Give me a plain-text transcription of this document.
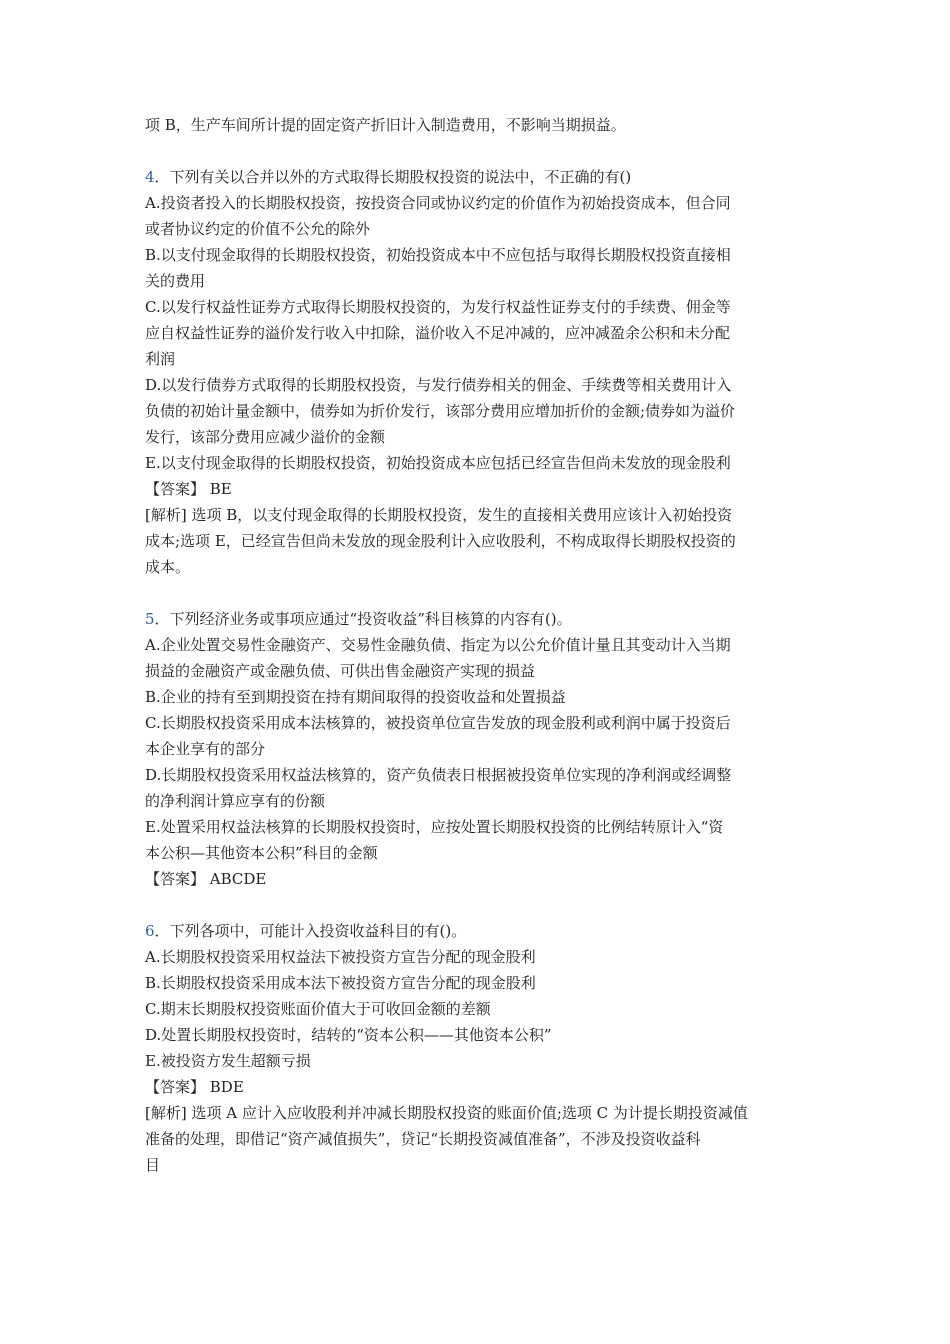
项 B，生产车间所计提的固定资产折旧计入制造费用，不影响当期损益。
4．下列有关以合并以外的方式取得长期股权投资的说法中，不正确的有()
A.投资者投入的长期股权投资，按投资合同或协议约定的价值作为初始投资成本，但合同
或者协议约定的价值不公允的除外
B.以支付现金取得的长期股权投资，初始投资成本中不应包括与取得长期股权投资直接相
关的费用
C.以发行权益性证券方式取得长期股权投资的，为发行权益性证券支付的手续费、佣金等
应自权益性证券的溢价发行收入中扣除，溢价收入不足冲减的，应冲减盈余公积和未分配
利润
D.以发行债券方式取得的长期股权投资，与发行债券相关的佣金、手续费等相关费用计入
负债的初始计量金额中，债券如为折价发行，该部分费用应增加折价的金额;债券如为溢价
发行，该部分费用应减少溢价的金额
E.以支付现金取得的长期股权投资，初始投资成本应包括已经宣告但尚未发放的现金股利
【答案】 BE
[解析] 选项 B，以支付现金取得的长期股权投资，发生的直接相关费用应该计入初始投资
成本;选项 E，已经宣告但尚未发放的现金股利计入应收股利，不构成取得长期股权投资的
成本。
5．下列经济业务或事项应通过“投资收益”科目核算的内容有()。
A.企业处置交易性金融资产、交易性金融负债、指定为以公允价值计量且其变动计入当期
损益的金融资产或金融负债、可供出售金融资产实现的损益
B.企业的持有至到期投资在持有期间取得的投资收益和处置损益
C.长期股权投资采用成本法核算的，被投资单位宣告发放的现金股利或利润中属于投资后
本企业享有的部分
D.长期股权投资采用权益法核算的，资产负债表日根据被投资单位实现的净利润或经调整
的净利润计算应享有的份额
E.处置采用权益法核算的长期股权投资时，应按处置长期股权投资的比例结转原计入“资
本公积—其他资本公积”科目的金额
【答案】 ABCDE
6．下列各项中，可能计入投资收益科目的有()。
A.长期股权投资采用权益法下被投资方宣告分配的现金股利
B.长期股权投资采用成本法下被投资方宣告分配的现金股利
C.期末长期股权投资账面价值大于可收回金额的差额
D.处置长期股权投资时，结转的“资本公积——其他资本公积”
E.被投资方发生超额亏损
【答案】 BDE
[解析] 选项 A 应计入应收股利并冲减长期股权投资的账面价值;选项 C 为计提长期投资减值
准备的处理，即借记“资产减值损失”，贷记“长期投资减值准备”，不涉及投资收益科
目
